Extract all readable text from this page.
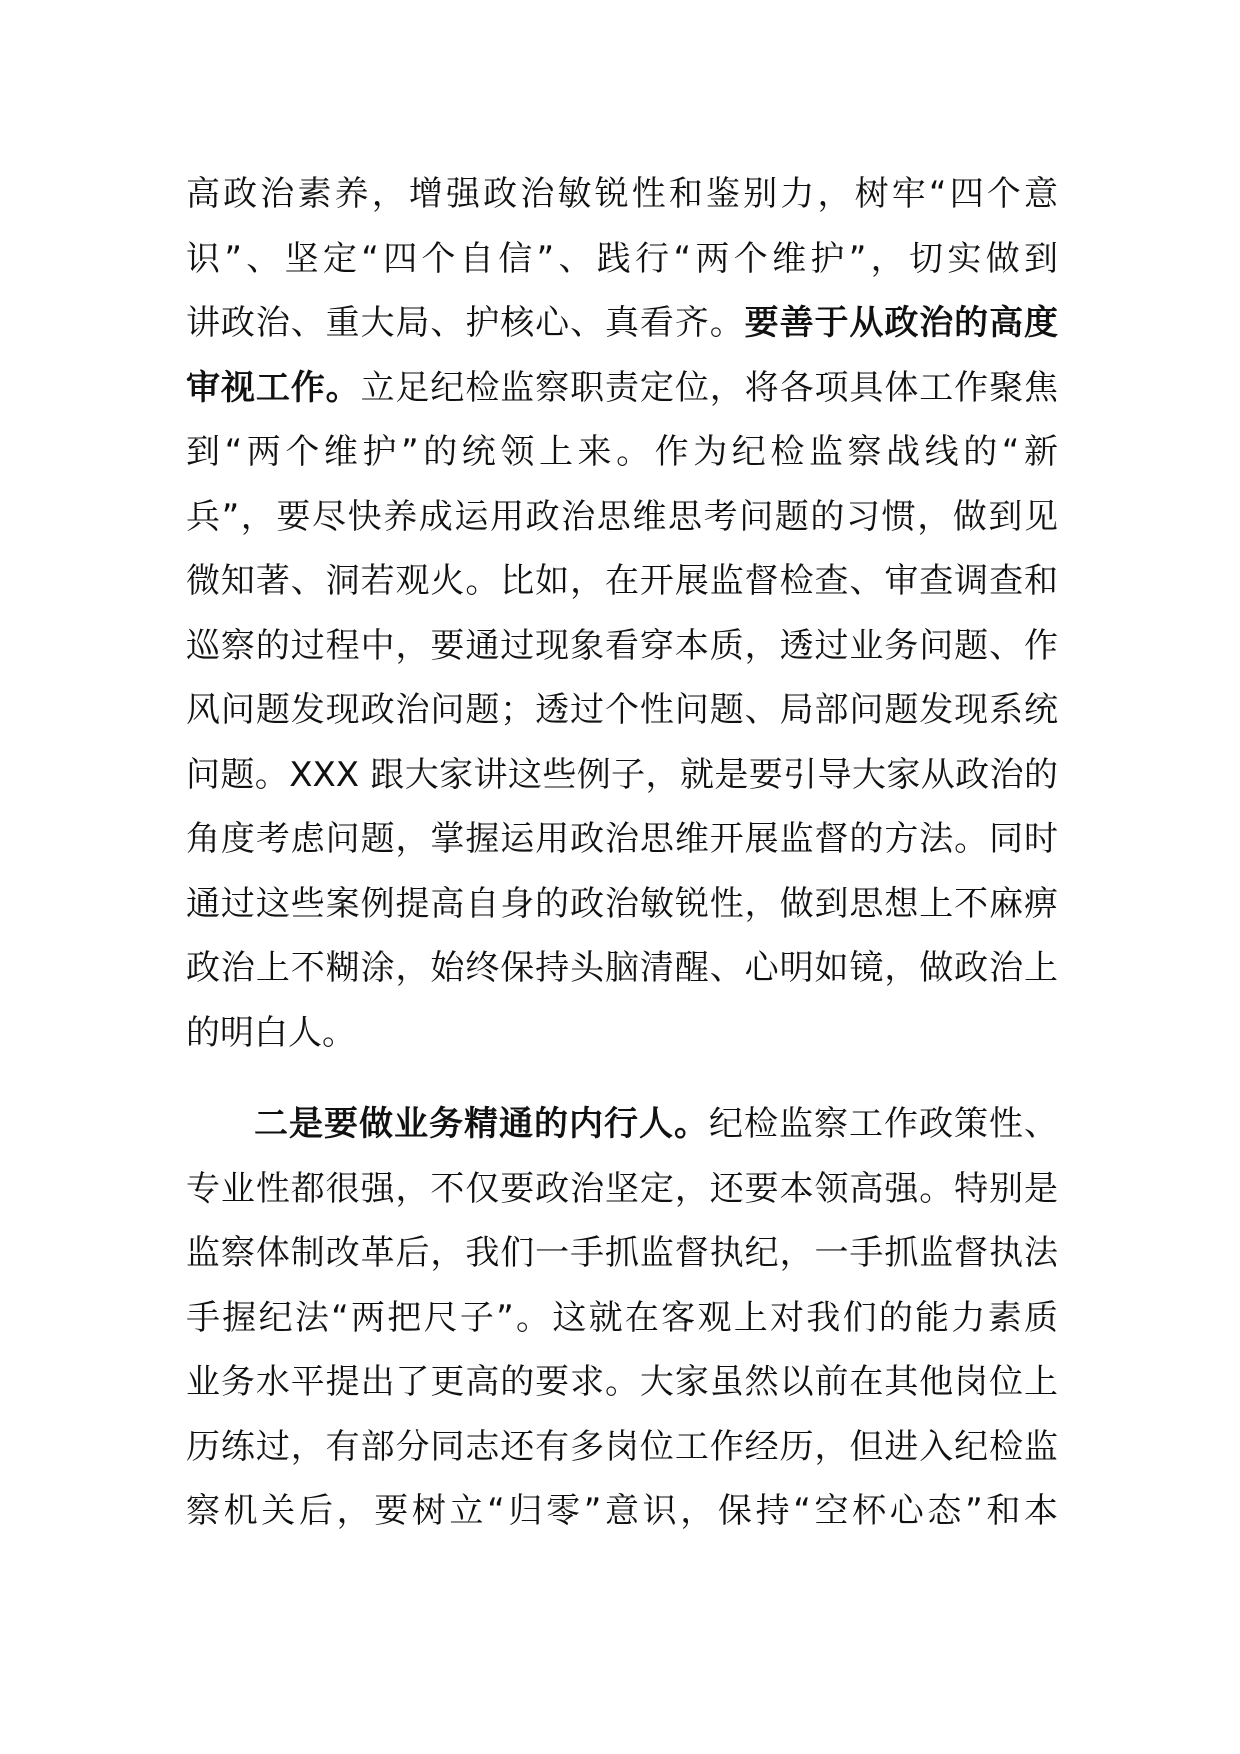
高政治素养，增强政治敏锐性和鉴别力，树牢“四个意
识”、坚定“四个自信”、践行“两个维护”，切实做到
讲政治、重大局、护核心、真看齐。要善于从政治的高度
审视工作。立足纪检监察职责定位，将各项具体工作聚焦
到“两个维护”的统领上来。作为纪检监察战线的“新
兵”，要尽快养成运用政治思维思考问题的习惯，做到见
微知著、洞若观火。比如，在开展监督检查、审查调查和
巡察的过程中，要通过现象看穿本质，透过业务问题、作
风问题发现政治问题；透过个性问题、局部问题发现系统
问题。XXX 跟大家讲这些例子，就是要引导大家从政治的
角度考虑问题，掌握运用政治思维开展监督的方法。同时
通过这些案例提高自身的政治敏锐性，做到思想上不麻痹
政治上不糊涂，始终保持头脑清醒、心明如镜，做政治上
的明白人。
二是要做业务精通的内行人。纪检监察工作政策性、
专业性都很强，不仅要政治坚定，还要本领高强。特别是
监察体制改革后，我们一手抓监督执纪，一手抓监督执法
手握纪法“两把尺子”。这就在客观上对我们的能力素质
业务水平提出了更高的要求。大家虽然以前在其他岗位上
历练过，有部分同志还有多岗位工作经历，但进入纪检监
察机关后，要树立“归零”意识，保持“空杯心态”和本
